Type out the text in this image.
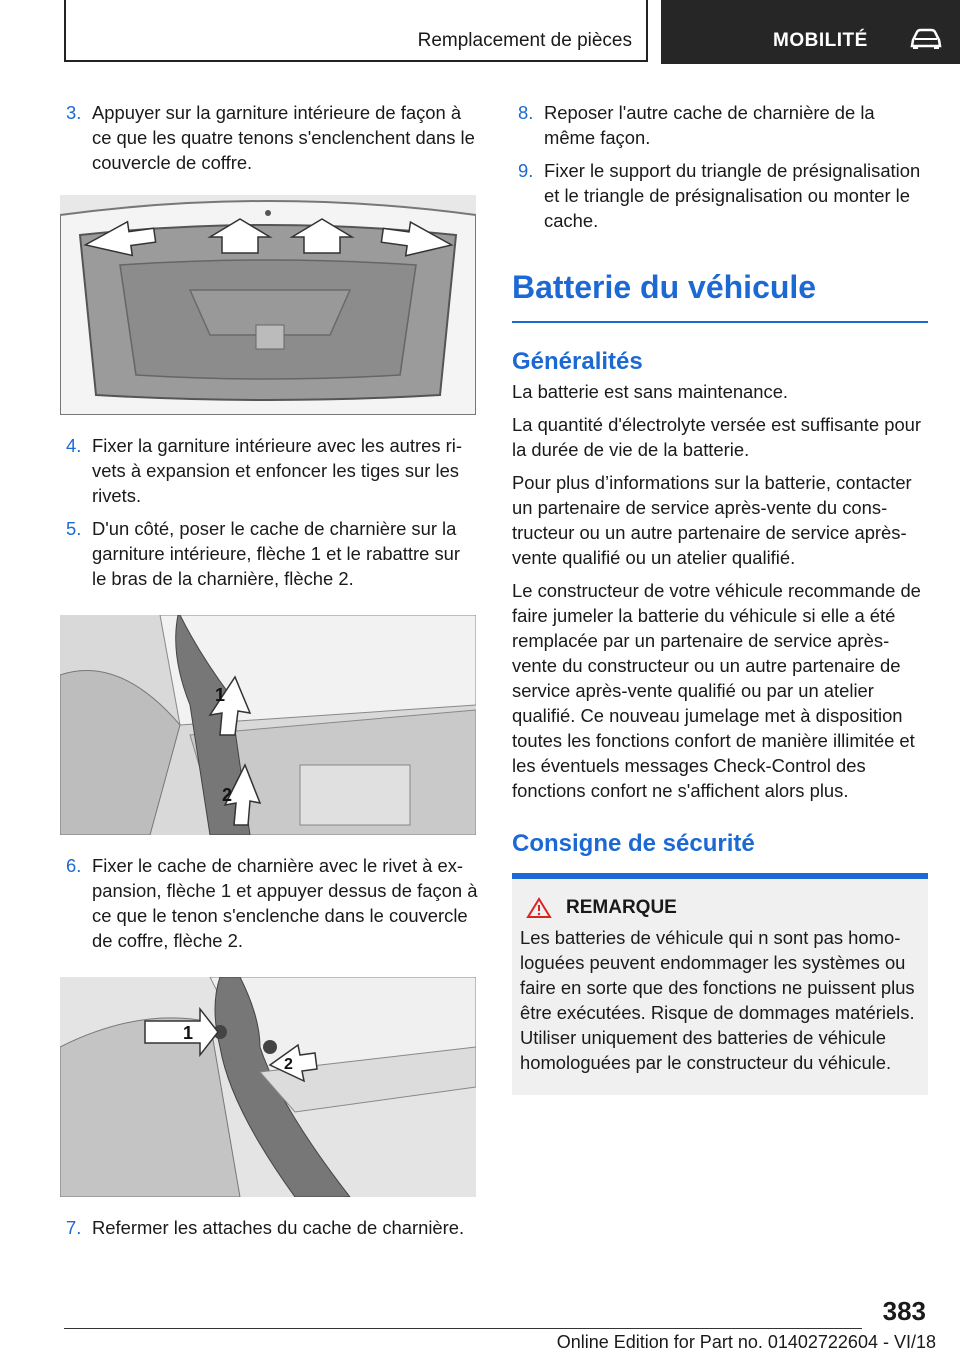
Remplacement de pièces	MOBILITÉ
3. Appuyer sur la garniture intérieure de façon à ce que les quatre tenons s'enclenchent dans le couvercle de coffre.
4. Fixer la garniture intérieure avec les autres rivets à expansion et enfoncer les tiges sur les rivets.
5. D'un côté, poser le cache de charnière sur la garniture intérieure, flèche 1 et le rabattre sur le bras de la charnière, flèche 2.
1
2
6. Fixer le cache de charnière avec le rivet à expansion, flèche 1 et appuyer dessus de façon à ce que le tenon s'enclenche dans le couvercle de coffre, flèche 2.
1
2
7. Refermer les attaches du cache de charnière.
8. Reposer l'autre cache de charnière de la même façon.
9. Fixer le support du triangle de présignalisation et le triangle de présignalisation ou monter le cache.
Batterie du véhicule
Généralités

La batterie est sans maintenance.

La quantité d'électrolyte versée est suffisante pour la durée de vie de la batterie.

Pour plus d’informations sur la batterie, contacter un partenaire de service après-vente du constructeur ou un autre partenaire de service après-vente qualifié ou un atelier qualifié.

Le constructeur de votre véhicule recommande de faire jumeler la batterie du véhicule si elle a été remplacée par un partenaire de service après-vente du constructeur ou un autre partenaire de service après-vente qualifié ou par un atelier qualifié. Ce nouveau jumelage met à disposition toutes les fonctions confort de manière illimitée et les éventuels messages Check-Control des fonctions confort ne s'affichent alors plus.

Consigne de sécurité
REMARQUE

Les batteries de véhicule qui n sont pas homologuées peuvent endommager les systèmes ou faire en sorte que des fonctions ne puissent plus être exécutées. Risque de dommages matériels. Utiliser uniquement des batteries de véhicule homologuées par le constructeur du véhicule.

383
Online Edition for Part no. 01402722604 - VI/18
